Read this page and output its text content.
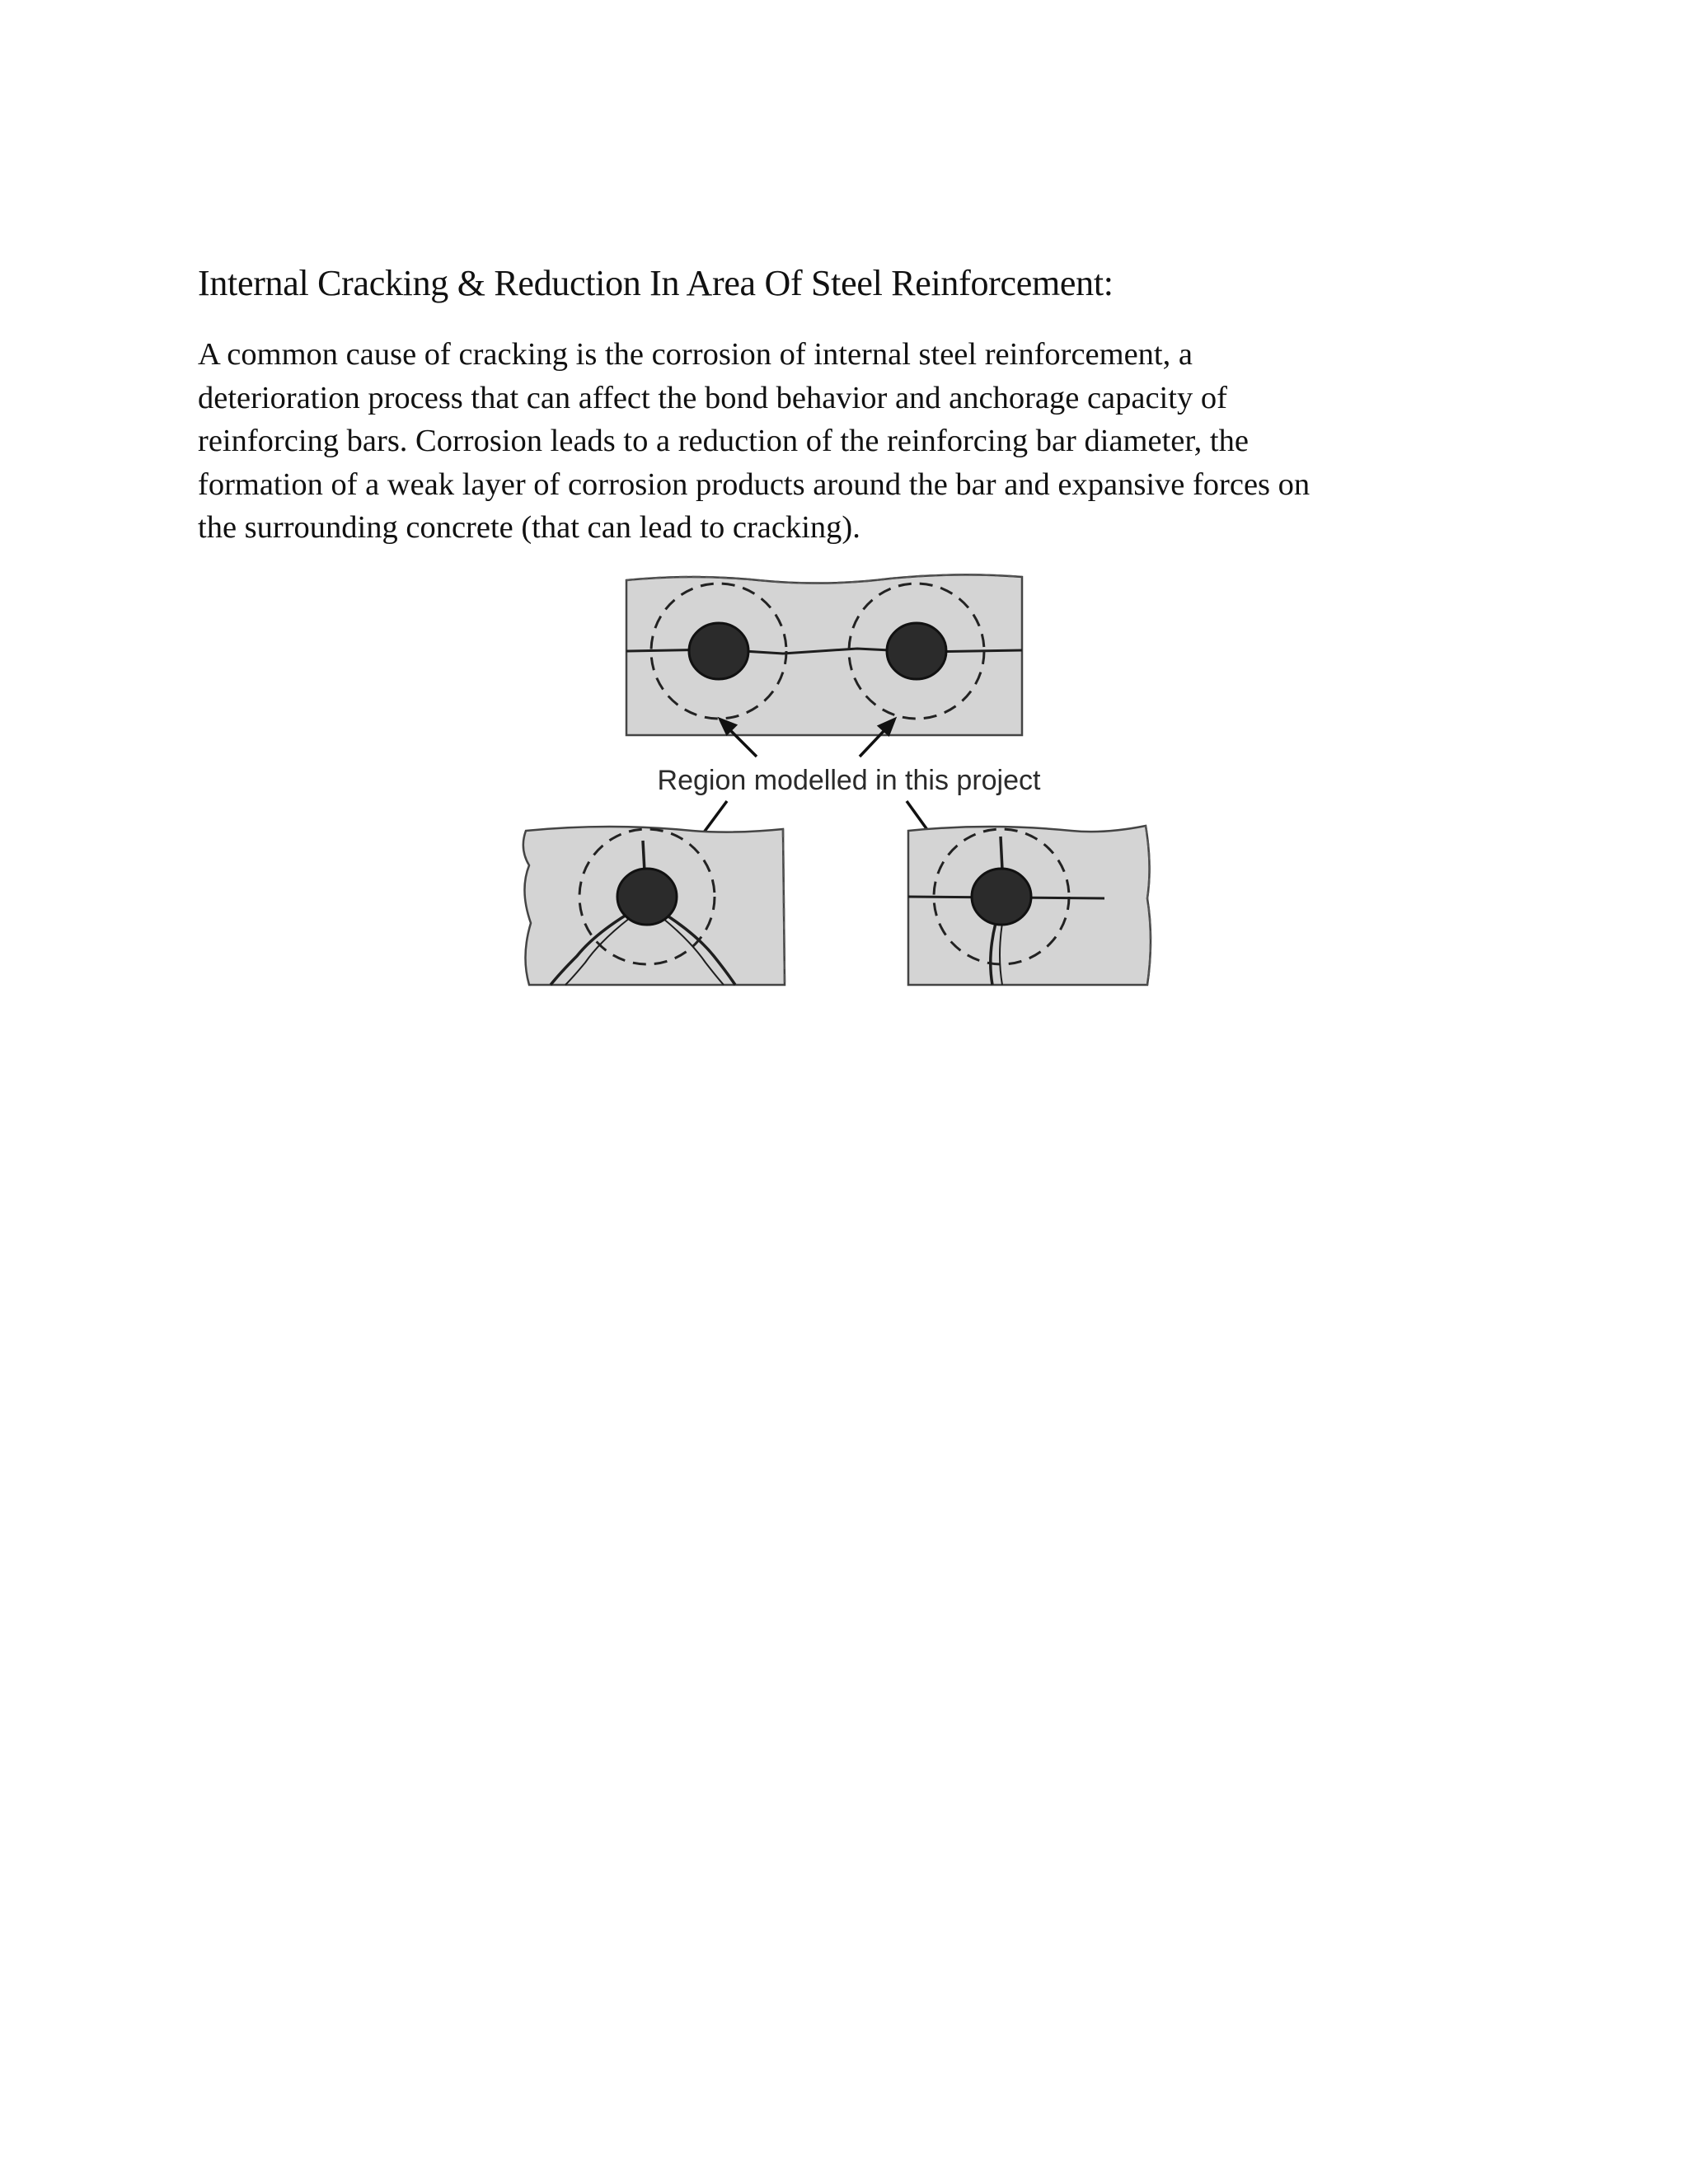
Internal Cracking & Reduction In Area Of Steel Reinforcement:

A common cause of cracking is the corrosion of internal steel reinforcement, a
deterioration process that can affect the bond behavior and anchorage capacity of
reinforcing bars. Corrosion leads to a reduction of the reinforcing bar diameter, the
formation of a weak layer of corrosion products around the bar and expansive forces on
the surrounding concrete (that can lead to cracking).

Region modelled in this project
